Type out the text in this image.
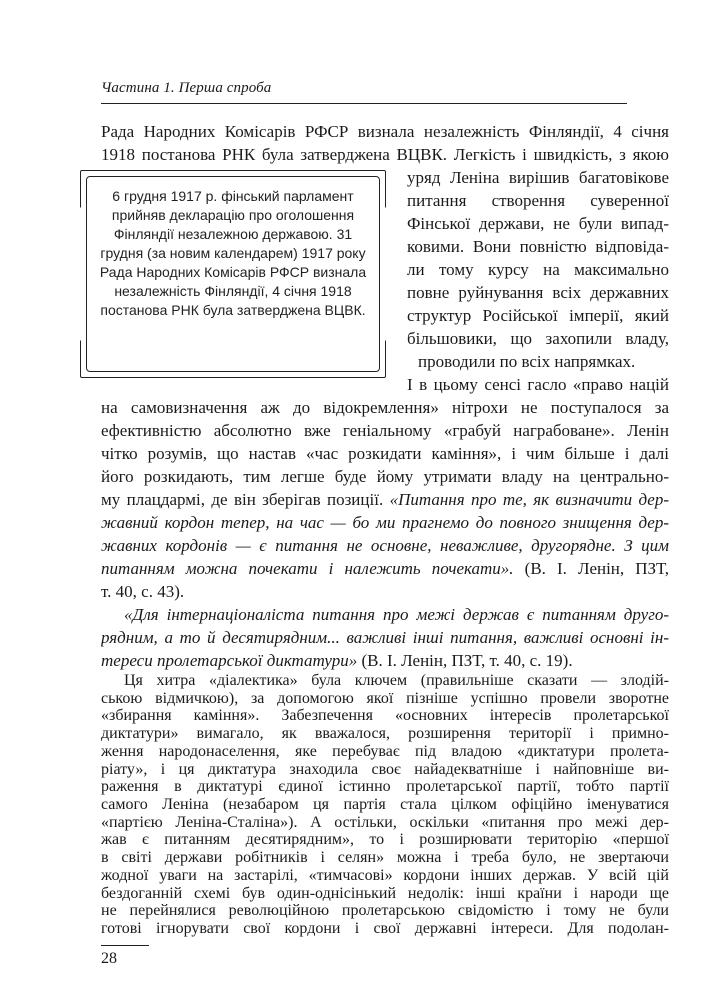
Частина 1. Перша спроба
6 грудня 1917 р. фінський парламент прийняв декларацію про оголошення Фінляндії незалежною державою. 31 грудня (за новим календарем) 1917 року Рада Народних Комісарів РФСР визнала незалежність Фінляндії, 4 січня 1918 постанова РНК була затверджена ВЦВК.
Рада Народних Комісарів РФСР визнала незалежність Фінляндії, 4 січня
1918 постанова РНК була затверджена ВЦВК. Легкість і швидкість, з якою
уряд Леніна вирішив багатовікове
питання створення суверенної
Фінської держави, не були випад-
ковими. Вони повністю відповіда-
ли тому курсу на максимально
повне руйнування всіх державних
структур Російської імперії, який
більшовики, що захопили владу,
проводили по всіх напрямках.
І в цьому сенсі гасло «право націй
на самовизначення аж до відокремлення» нітрохи не поступалося за
ефективністю абсолютно вже геніальному «грабуй награбоване». Ленін
чітко розумів, що настав «час розкидати каміння», і чим більше і далі
його розкидають, тим легше буде йому утримати владу на центрально-
му плацдармі, де він зберігав позиції. «Питання про те, як визначити дер-
жавний кордон тепер, на час — бо ми прагнемо до повного знищення дер-
жавних кордонів — є питання не основне, неважливе, другорядне. З цим
питанням можна почекати і належить почекати». (В. І. Ленін, ПЗТ,
т. 40, с. 43).
«Для інтернаціоналіста питання про межі держав є питанням друго-
рядним, а то й десятирядним... важливі інші питання, важливі основні ін-
тереси пролетарської диктатури» (В. І. Ленін, ПЗТ, т. 40, с. 19).
Ця хитра «діалектика» була ключем (правильніше сказати — злодій-
ською відмичкою), за допомогою якої пізніше успішно провели зворотне
«збирання каміння». Забезпечення «основних інтересів пролетарської
диктатури» вимагало, як вважалося, розширення території і примно-
ження народонаселення, яке перебуває під владою «диктатури пролета-
ріату», і ця диктатура знаходила своє найадекватніше і найповніше ви-
раження в диктатурі єдиної істинно пролетарської партії, тобто партії
самого Леніна (незабаром ця партія стала цілком офіційно іменуватися
«партією Леніна-Сталіна»). А остільки, оскільки «питання про межі дер-
жав є питанням десятирядним», то і розширювати територію «першої
в світі держави робітників і селян» можна і треба було, не звертаючи
жодної уваги на застарілі, «тимчасові» кордони інших держав. У всій цій
бездоганній схемі був один-однісінький недолік: інші країни і народи ще
не перейнялися революційною пролетарською свідомістю і тому не були
готові ігнорувати свої кордони і свої державні інтереси. Для подолан-
28
